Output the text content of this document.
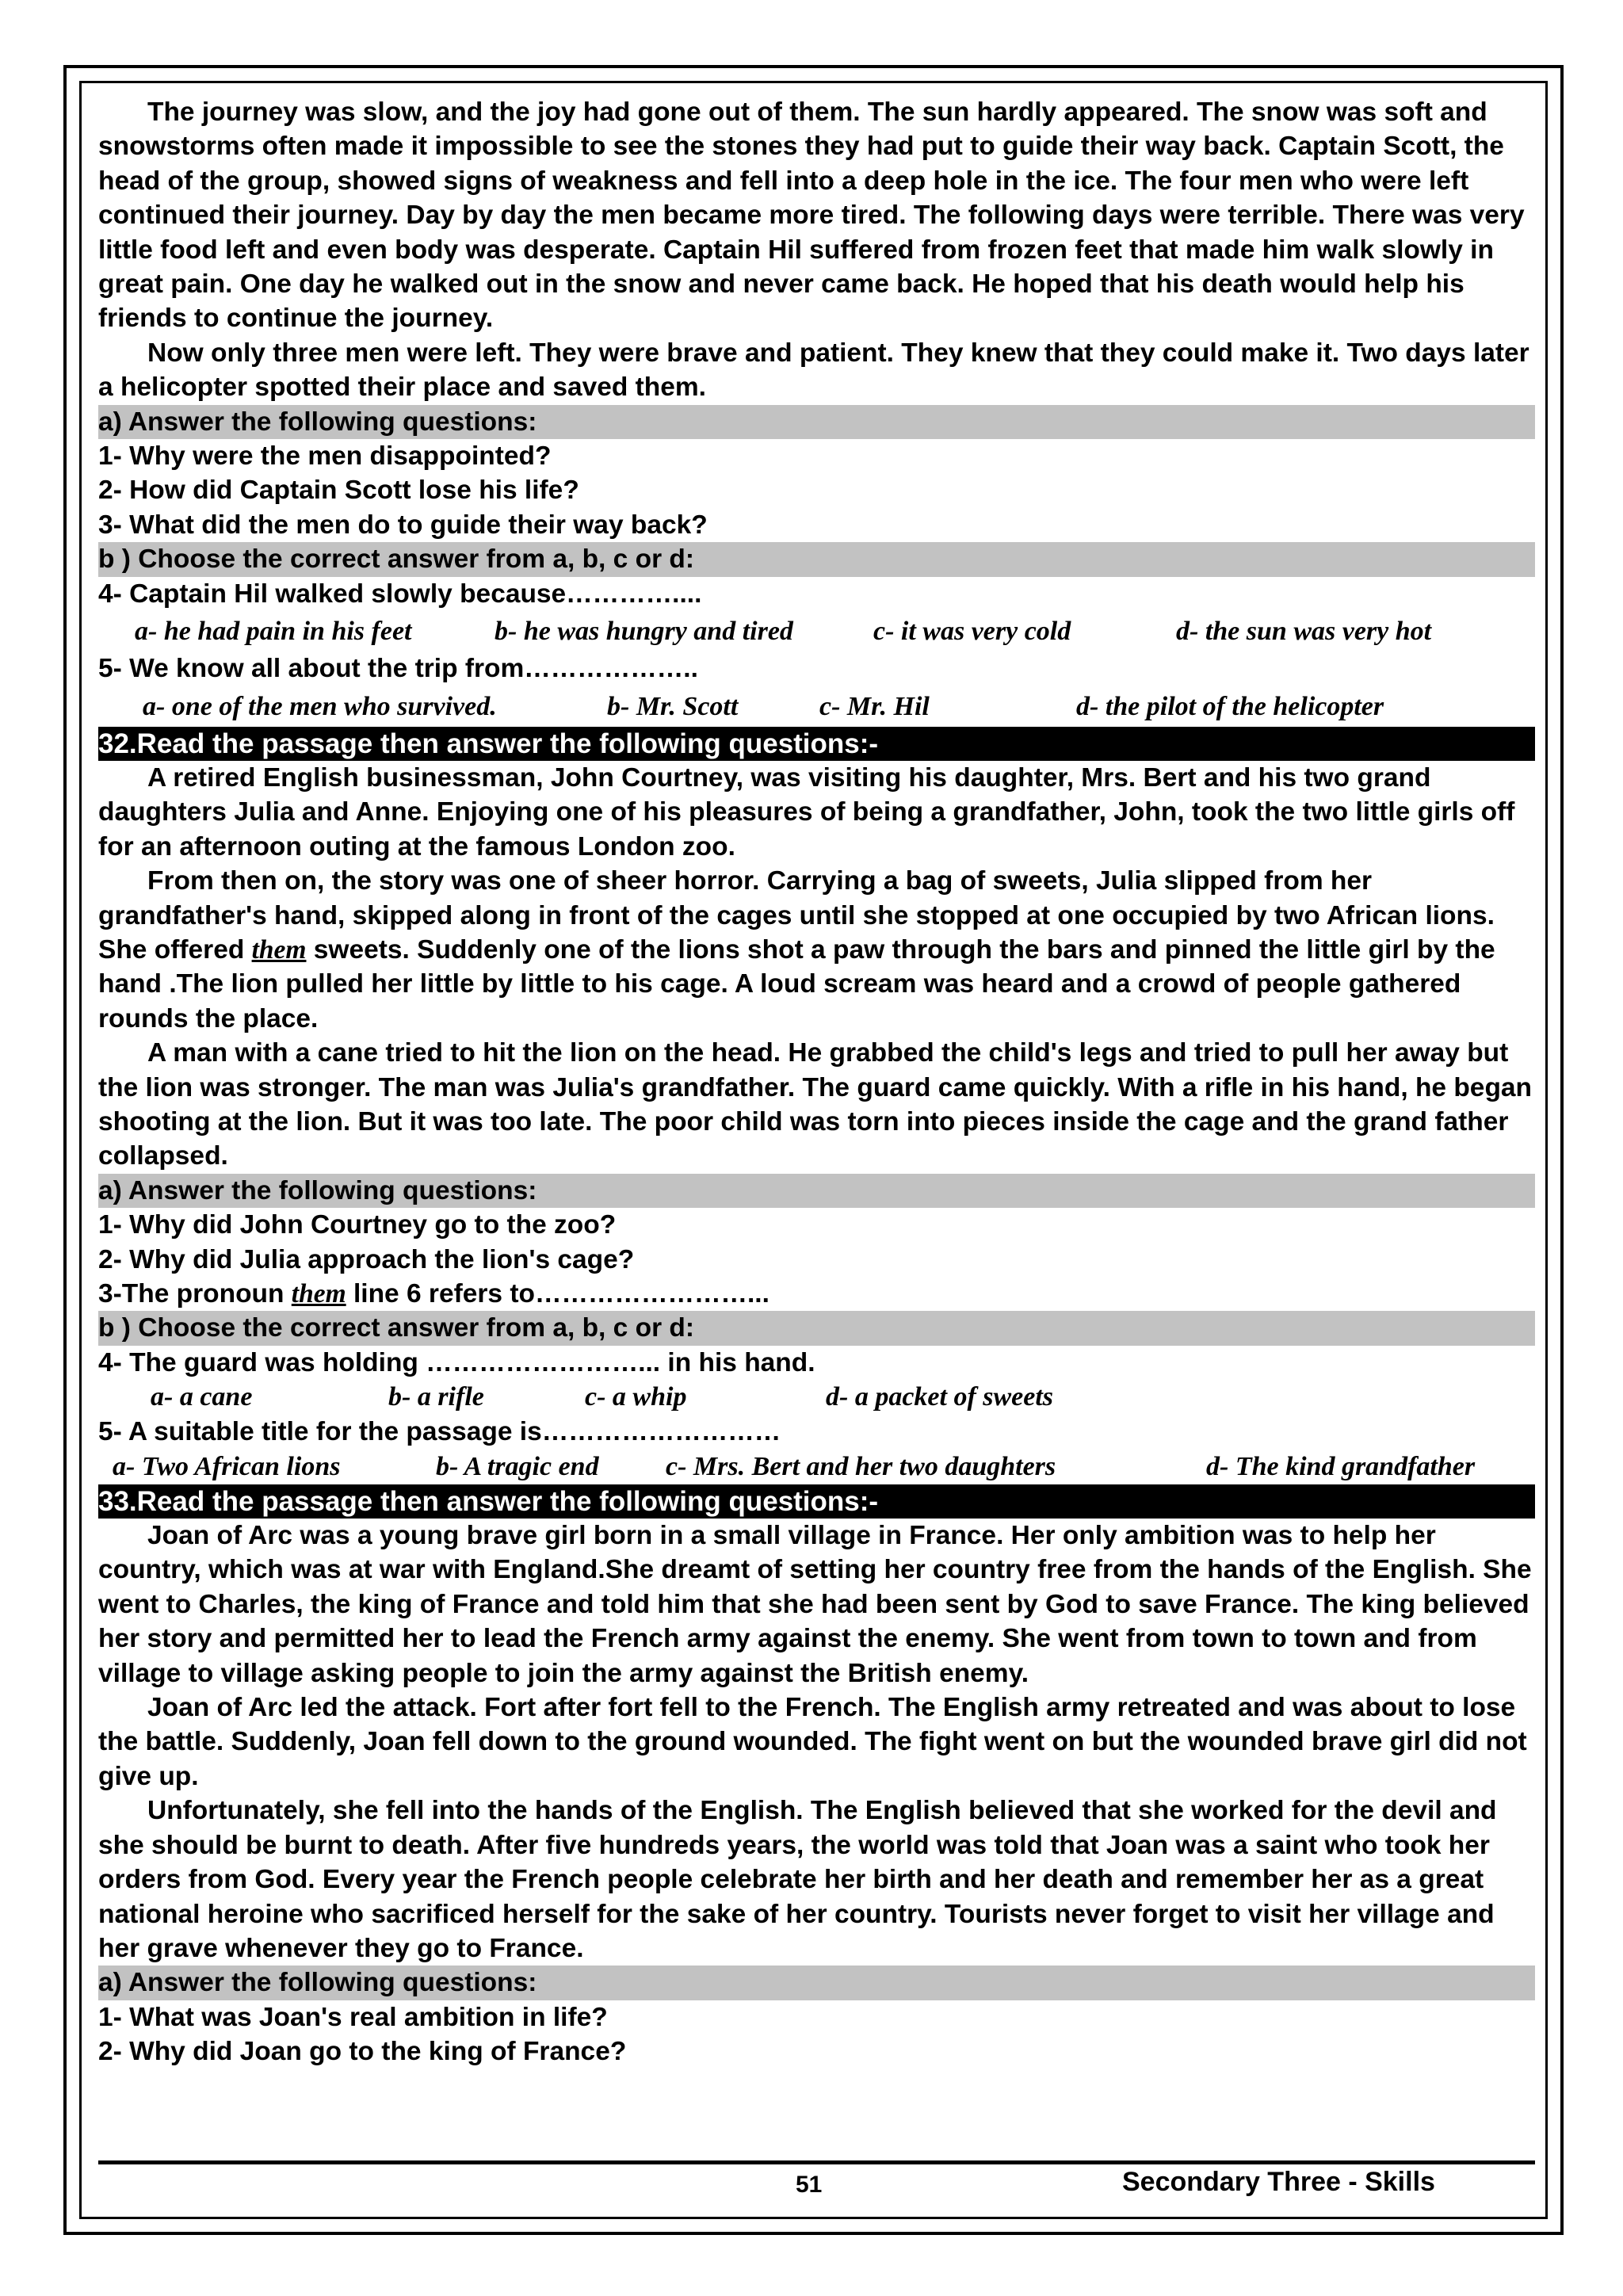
The journey was slow, and the joy had gone out of them. The sun hardly appeared. The snow was soft and snowstorms often made it impossible to see the stones they had put to guide their way back. Captain Scott, the head of the group, showed signs of weakness and fell into a deep hole in the ice. The four men who were left continued their journey. Day by day the men became more tired. The following days were terrible. There was very little food left and even body was desperate. Captain Hil suffered from frozen feet that made him walk slowly in great pain. One day he walked out in the snow and never came back. He hoped that his death would help his friends to continue the journey.

Now only three men were left. They were brave and patient. They knew that they could make it. Two days later a helicopter spotted their place and saved them.

a) Answer the following questions:

1- Why were the men disappointed?

2- How did Captain Scott lose his life?

3- What did the men do to guide their way back?

b ) Choose the correct answer from a, b, c or d:

4- Captain Hil walked slowly because…………....

a- he had pain in his feet	b- he was hungry and tired	c- it was very cold	d- the sun was very hot

5- We know all about the trip from………………..

a- one of the men who survived.	b- Mr. Scott	c- Mr. Hil	d- the pilot of the helicopter

32.Read the passage then answer the following questions:-

A retired English businessman, John Courtney, was visiting his daughter, Mrs. Bert and his two grand daughters Julia and Anne. Enjoying one of his pleasures of being a grandfather, John, took the two little girls off for an afternoon outing at the famous London zoo.

From then on, the story was one of sheer horror. Carrying a bag of sweets, Julia slipped from her grandfather's hand, skipped along in front of the cages until she stopped at one occupied by two African lions. She offered them sweets. Suddenly one of the lions shot a paw through the bars and pinned the little girl by the hand .The lion pulled her little by little to his cage. A loud scream was heard and a crowd of people gathered rounds the place.

A man with a cane tried to hit the lion on the head. He grabbed the child's legs and tried to pull her away but the lion was stronger. The man was Julia's grandfather. The guard came quickly. With a rifle in his hand, he began shooting at the lion. But it was too late. The poor child was torn into pieces inside the cage and the grand father collapsed.

a) Answer the following questions:

1- Why did John Courtney go to the zoo?

2- Why did Julia approach the lion's cage?

3-The pronoun them line 6 refers to……………………...

b ) Choose the correct answer from a, b, c or d:

4- The guard was holding ……………………... in his hand.

a- a cane	b- a rifle	c- a whip	d- a packet of sweets

5- A suitable title for the passage is………………………

a- Two African lions	b- A tragic end	c- Mrs. Bert and her two daughters	d- The kind grandfather

33.Read the passage then answer the following questions:-

Joan of Arc was a young brave girl born in a small village in France. Her only ambition was to help her country, which was at war with England.She dreamt of setting her country free from the hands of the English. She went to Charles, the king of France and told him that she had been sent by God to save France. The king believed her story and permitted her to lead the French army against the enemy. She went from town to town and from village to village asking people to join the army against the British enemy.

Joan of Arc led the attack. Fort after fort fell to the French. The English army retreated and was about to lose the battle. Suddenly, Joan fell down to the ground wounded. The fight went on but the wounded brave girl did not give up.

Unfortunately, she fell into the hands of the English. The English believed that she worked for the devil and she should be burnt to death. After five hundreds years, the world was told that Joan was a saint who took her orders from God. Every year the French people celebrate her birth and her death and remember her as a great national heroine who sacrificed herself for the sake of her country. Tourists never forget to visit her village and her grave whenever they go to France.

a) Answer the following questions:

1- What was Joan's real ambition in life?

2- Why did Joan go to the king of France?

51	Secondary Three - Skills
